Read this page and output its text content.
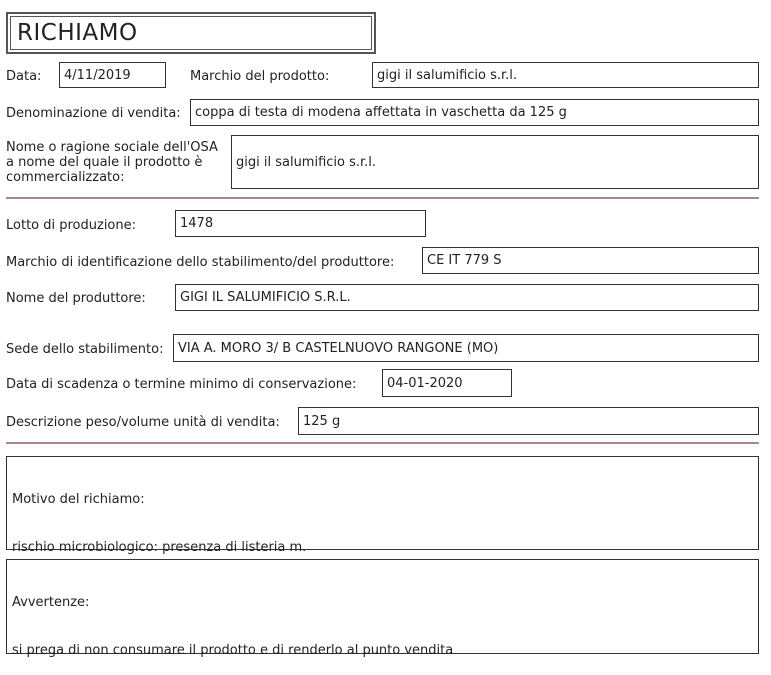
RICHIAMO
Data:	4/11/2019	Marchio del prodotto:	gigi il salumificio s.r.l.
Denominazione di vendita:	coppa di testa di modena affettata in vaschetta da 125 g
Nome o ragione sociale dell'OSA
a nome del quale il prodotto è
commercializzato:
gigi il salumificio s.r.l.
Lotto di produzione:	1478
Marchio di identificazione dello stabilimento/del produttore:	CE IT 779 S
Nome del produttore:	GIGI IL SALUMIFICIO S.R.L.
Sede dello stabilimento:	VIA A. MORO 3/ B CASTELNUOVO RANGONE (MO)
Data di scadenza o termine minimo di conservazione:	04-01-2020
Descrizione peso/volume unità di vendita:	125 g

Motivo del richiamo:

rischio microbiologico: presenza di listeria m.

Avvertenze:

si prega di non consumare il prodotto e di renderlo al punto vendita
